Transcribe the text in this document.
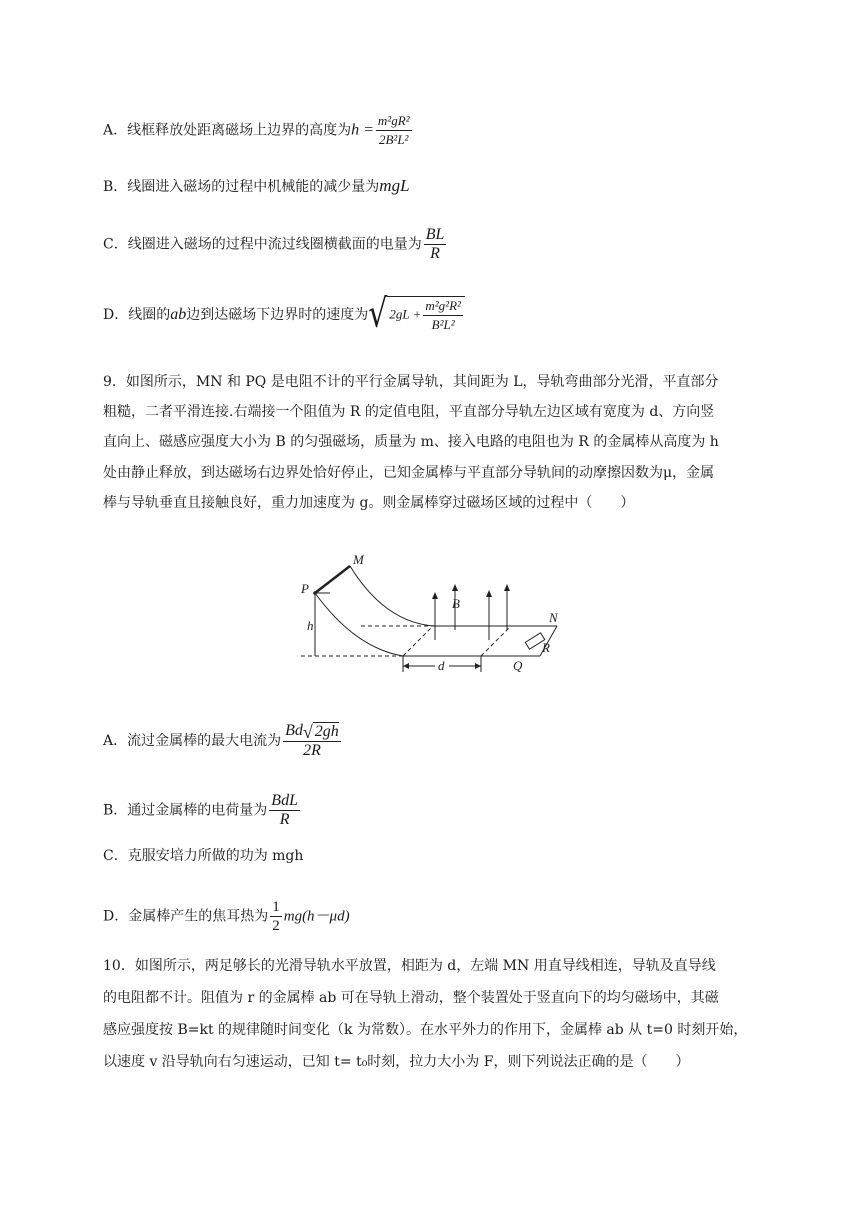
A．线框释放处距离磁场上边界的高度为$h = \frac{\text{m²gR²}}{\text{2B²L²}}$
B．线圈进入磁场的过程中机械能的减少量为mgL
C．线圈进入磁场的过程中流过线圈横截面的电量为 $\frac{BL}{R}$
D．线圈的ab边到达磁场下边界时的速度为 √ $2gL + \frac{\text{m²g²R²}}{\text{B²L²}}$
9．如图所示，MN 和 PQ 是电阻不计的平行金属导轨，其间距为 L，导轨弯曲部分光滑，平直部分
粗糙，二者平滑连接.右端接一个阻值为 R 的定值电阻，平直部分导轨左边区域有宽度为 d、方向竖
直向上、磁感应强度大小为 B 的匀强磁场，质量为 m、接入电路的电阻也为 R 的金属棒从高度为 h
处由静止释放，到达磁场右边界处恰好停止，已知金属棒与平直部分导轨间的动摩擦因数为μ，金属
棒与导轨垂直且接触良好，重力加速度为 g。则金属棒穿过磁场区域的过程中（　　）
M
P
B
N
h
R
d	Q
A．流过金属棒的最大电流为 $\frac{Bd √ 2gh}{2R}$
B．通过金属棒的电荷量为 $\frac{\text{BdL}}{R}$
C．克服安培力所做的功为 mgh
D．金属棒产生的焦耳热为 $\frac{1}{2} mg(h-\mu d)$
10．如图所示，两足够长的光滑导轨水平放置，相距为 d，左端 MN 用直导线相连，导轨及直导线
的电阻都不计。阻值为 r 的金属棒 ab 可在导轨上滑动，整个装置处于竖直向下的均匀磁场中，其磁
感应强度按 B=kt 的规律随时间变化（k 为常数）。在水平外力的作用下，金属棒 ab 从 t=0 时刻开始，
以速度 v 沿导轨向右匀速运动，已知 t= t₀时刻，拉力大小为 F，则下列说法正确的是（　　）
